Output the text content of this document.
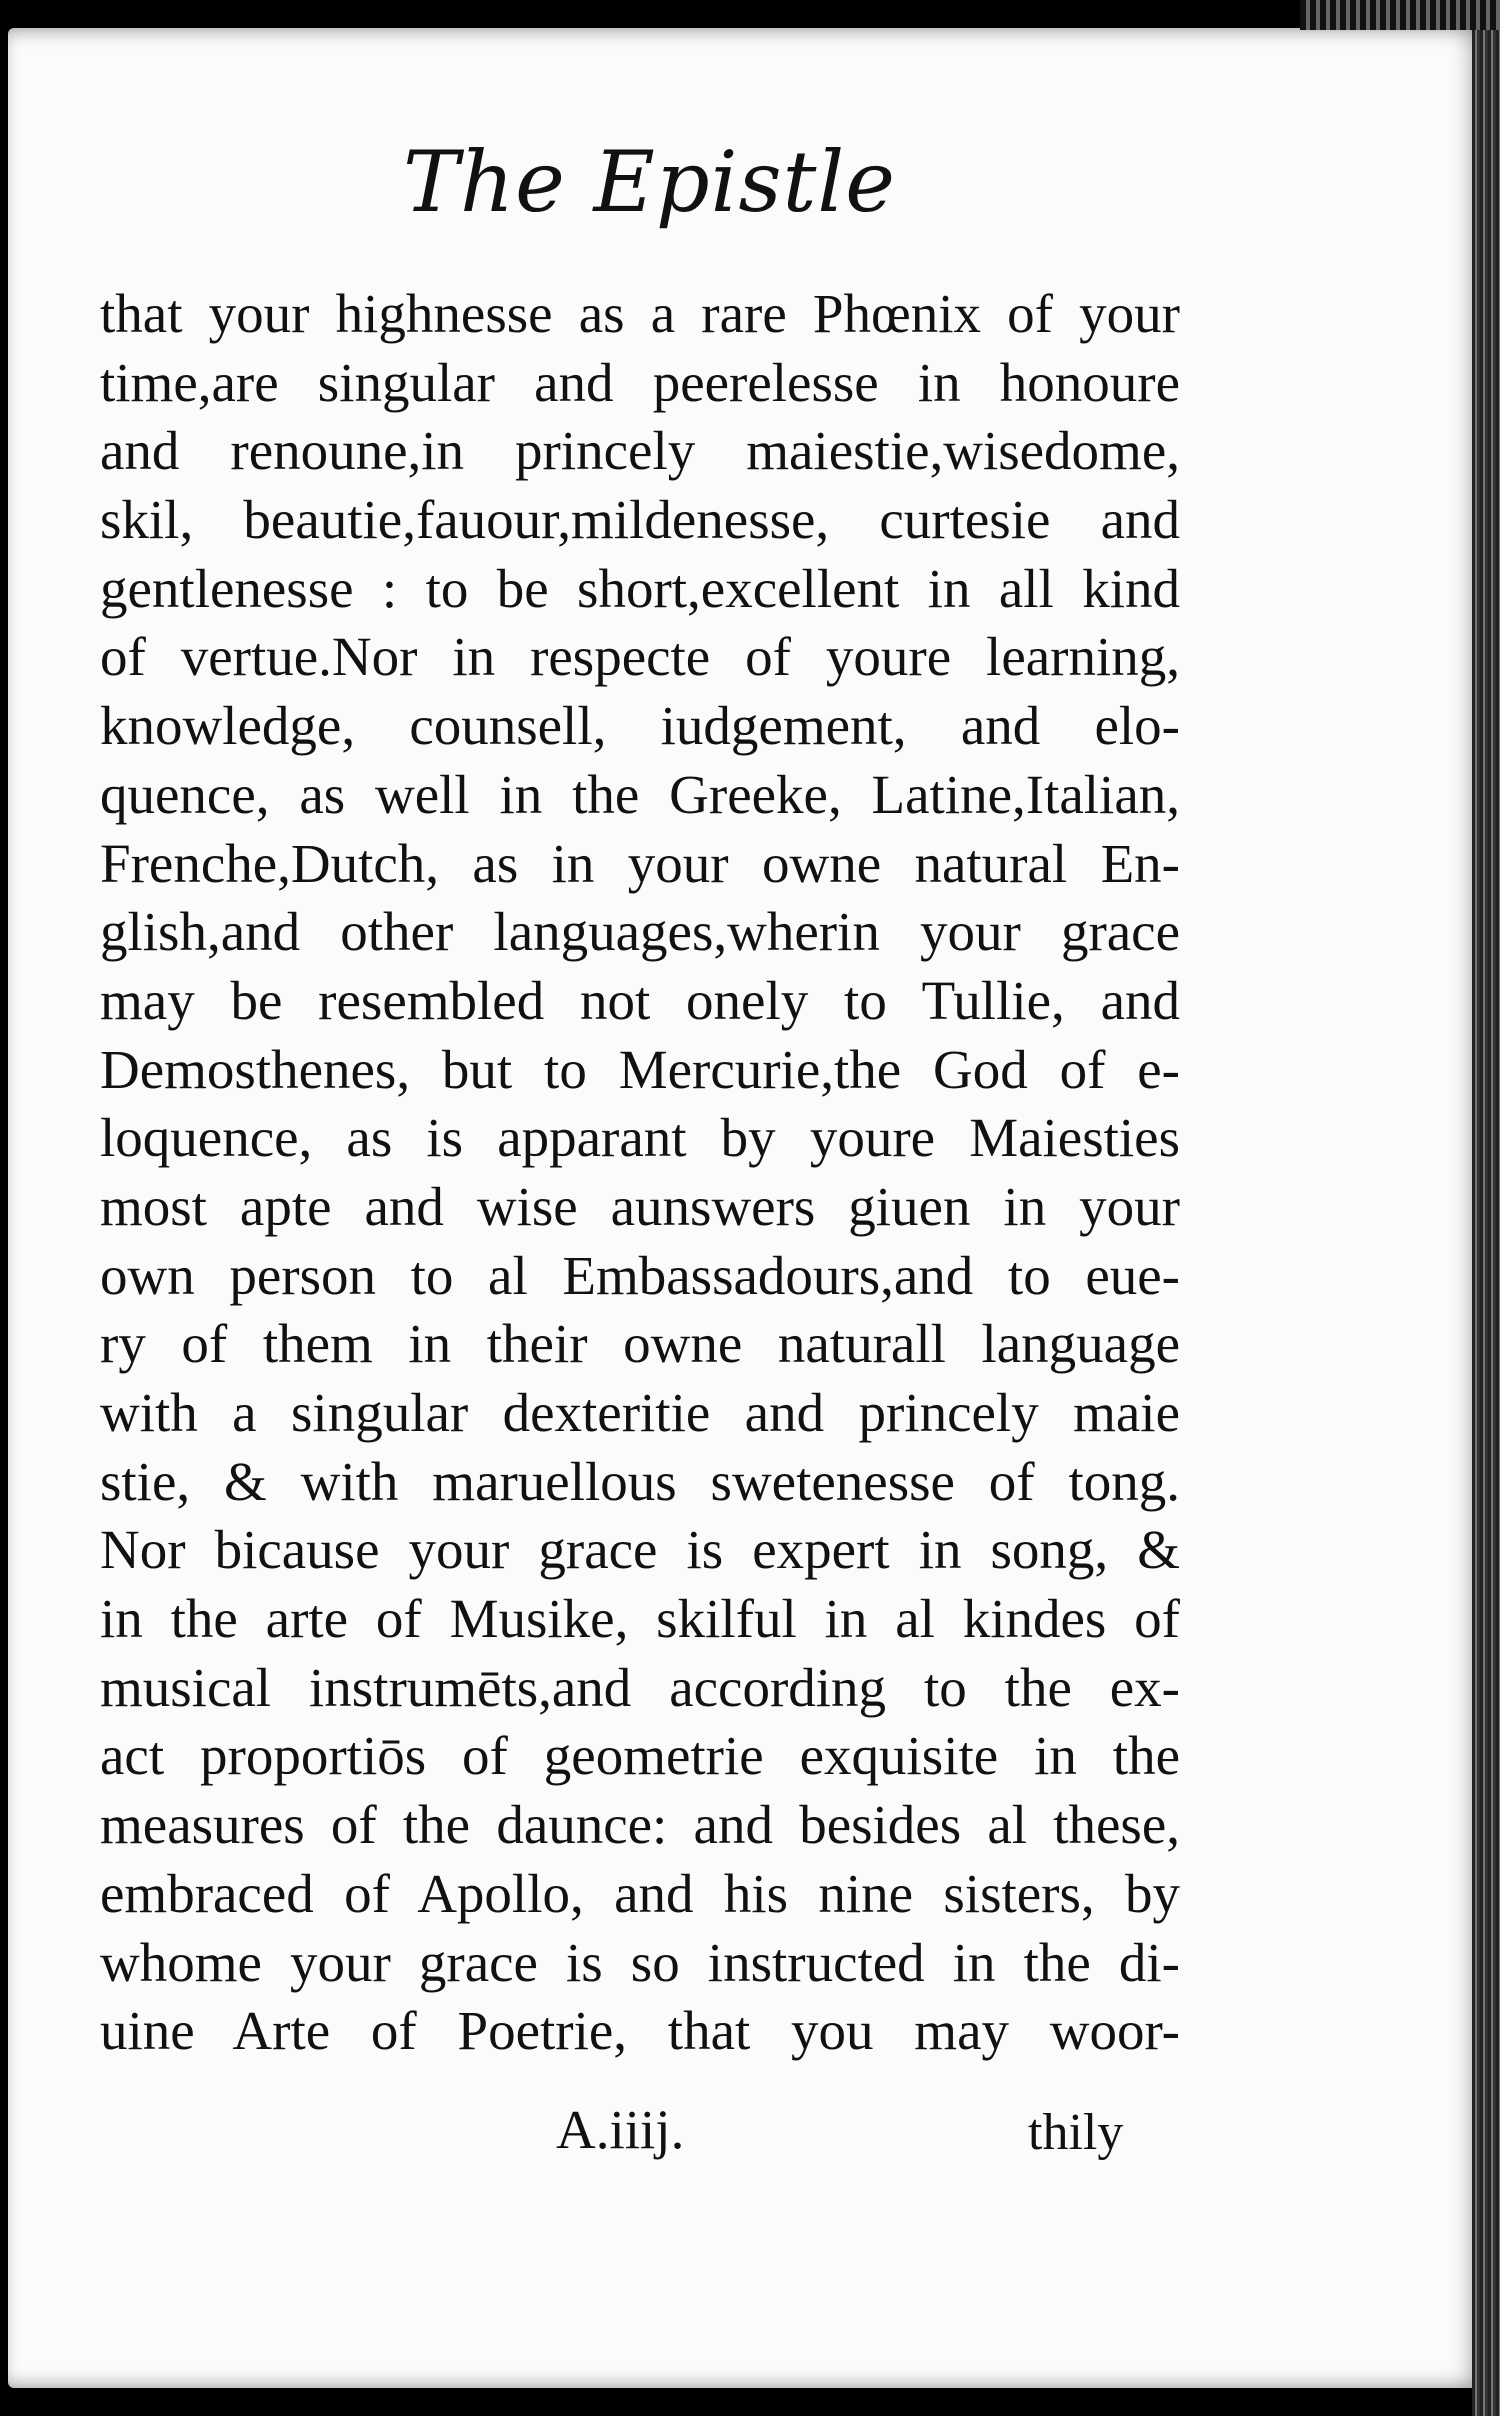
The Epistle
that your highnesse as a rare Phœnix of your
time,are singular and peerelesse in honoure
and renoune,in princely maiestie,wisedome,
skil, beautie,fauour,mildenesse, curtesie and
gentlenesse : to be short,excellent in all kind
of vertue.Nor in respecte of youre learning,
knowledge, counsell, iudgement, and elo-
quence, as well in the Greeke, Latine,Italian,
Frenche,Dutch, as in your owne natural En-
glish,and other languages,wherin your grace
may be resembled not onely to Tullie, and
Demosthenes, but to Mercurie,the God of e-
loquence, as is apparant by youre Maiesties
most apte and wise aunswers giuen in your
own person to al Embassadours,and to eue-
ry of them in their owne naturall language
with a singular dexteritie and princely maie
stie, & with maruellous swetenesse of tong.
Nor bicause your grace is expert in song, &
in the arte of Musike, skilful in al kindes of
musical instrumēts,and according to the ex-
act proportiōs of geometrie exquisite in the
measures of the daunce: and besides al these,
embraced of Apollo, and his nine sisters, by
whome your grace is so instructed in the di-
uine Arte of Poetrie, that you may woor-
A.iiij.	thily
